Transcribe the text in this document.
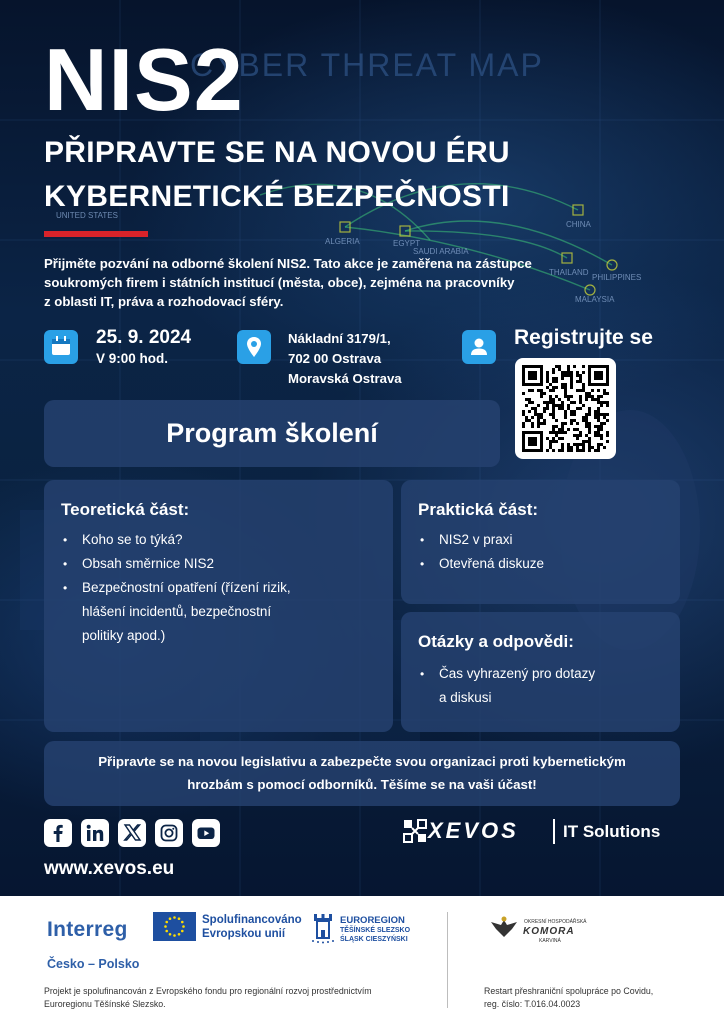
CYBER THREAT MAP
UNITED STATES
ALGERIA	EGYPT
SAUDI ARABIA
CHINA
THAILAND
PHILIPPINES
MALAYSIA
NIS2
PŘIPRAVTE SE NA NOVOU ÉRU
KYBERNETICKÉ BEZPEČNOSTI
Přijměte pozvání na odborné školení NIS2. Tato akce je zaměřena na zástupce
soukromých firem i státních institucí (města, obce), zejména na pracovníky
z oblasti IT, práva a rozhodovací sféry.
25. 9. 2024
V 9:00 hod.
Nákladní 3179/1,
702 00 Ostrava
Moravská Ostrava
Registrujte se
Program školení
Teoretická část:
• Koho se to týká?
• Obsah směrnice NIS2
• Bezpečnostní opatření (řízení rizik,
hlášení incidentů, bezpečnostní
politiky apod.)
Praktická část:
• NIS2 v praxi
• Otevřená diskuze
Otázky a odpovědi:
• Čas vyhrazený pro dotazy
a diskusi
Připravte se na novou legislativu a zabezpečte svou organizaci proti kybernetickým
hrozbám s pomocí odborníků. Těšíme se na vaši účast!
www.xevos.eu
XEVOS	IT Solutions
Interreg	Spolufinancováno
Evropskou unií
EUROREGION
TĚŠÍNSKÉ SLEZSKO
ŚLĄSK CIESZYŃSKI
Česko – Polsko
Projekt je spolufinancován z Evropského fondu pro regionální rozvoj prostřednictvím
Euroregionu Těšínské Slezsko.
OKRESNÍ HOSPODÁŘSKÁ
KOMORA
KARVINÁ
Restart přeshraniční spolupráce po Covidu,
reg. číslo: T.016.04.0023
